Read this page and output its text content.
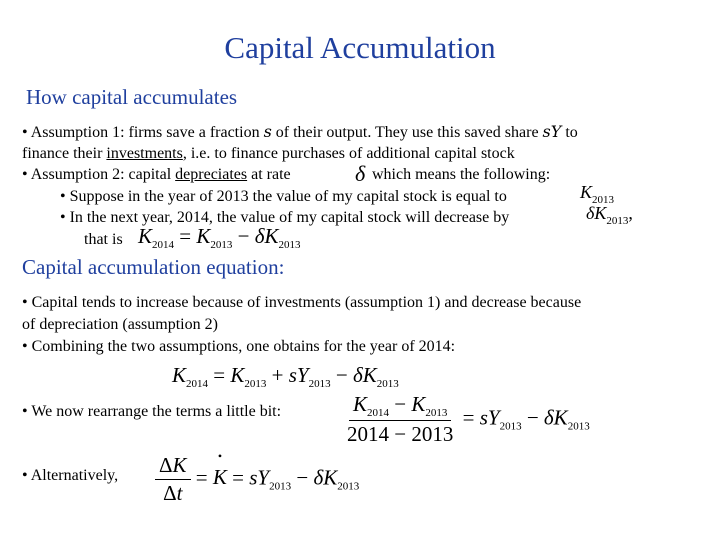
Capital Accumulation
How capital accumulates
• Assumption 1: firms save a fraction s of their output. They use this saved share sY to
finance their investments, i.e. to finance purchases of additional capital stock
• Assumption 2: capital depreciates at rate	δ which means the following:
• Suppose in the year of 2013 the value of my capital stock is equal to	$K_{2013}$
• In the next year, 2014, the value of my capital stock will decrease by	$\delta K_{2013}$,
that is $K_{2014} = K_{2013} - \delta K_{2013}$
Capital accumulation equation:
• Capital tends to increase because of investments (assumption 1) and decrease because
of depreciation (assumption 2)
• Combining the two assumptions, one obtains for the year of 2014:
$K_{2014} = K_{2013} + sY_{2013} - \delta K_{2013}$
• We now rearrange the terms a little bit:	$\frac{K_{2014} - K_{2013}}{2014 - 2013} = sY_{2013} - \delta K_{2013}$
• Alternatively, $\frac{\Delta K}{\Delta t} = K$
•
= $sY_{2013} - \delta K_{2013}$
